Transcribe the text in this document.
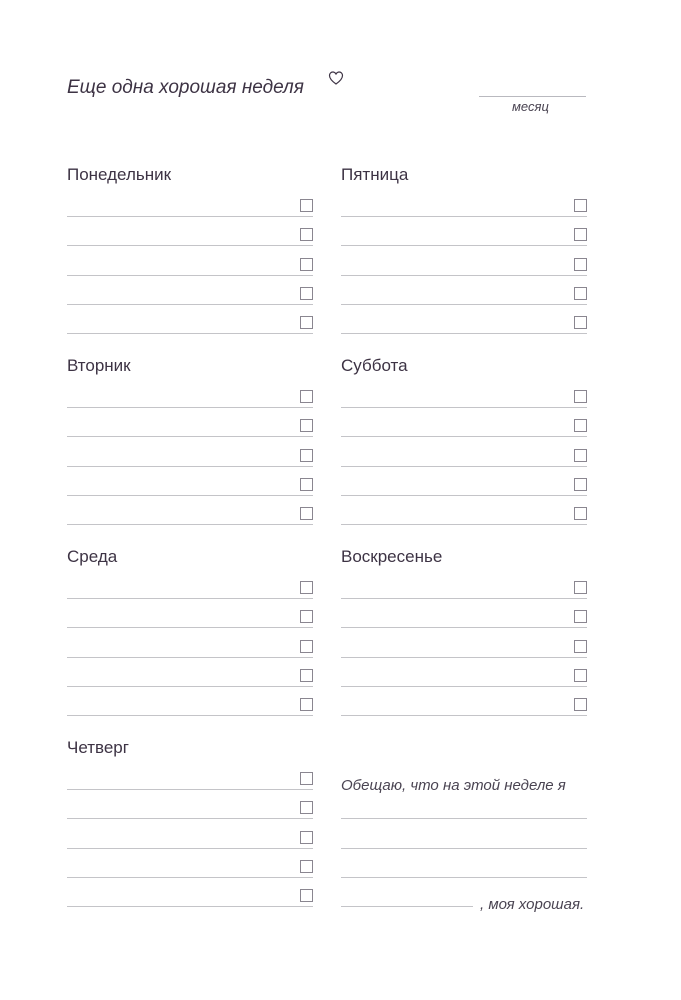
Еще одна хорошая неделя
месяц
Понедельник
Вторник
Среда
Четверг
Пятница
Суббота
Воскресенье
Обещаю, что на этой неделе я
, моя хорошая.
